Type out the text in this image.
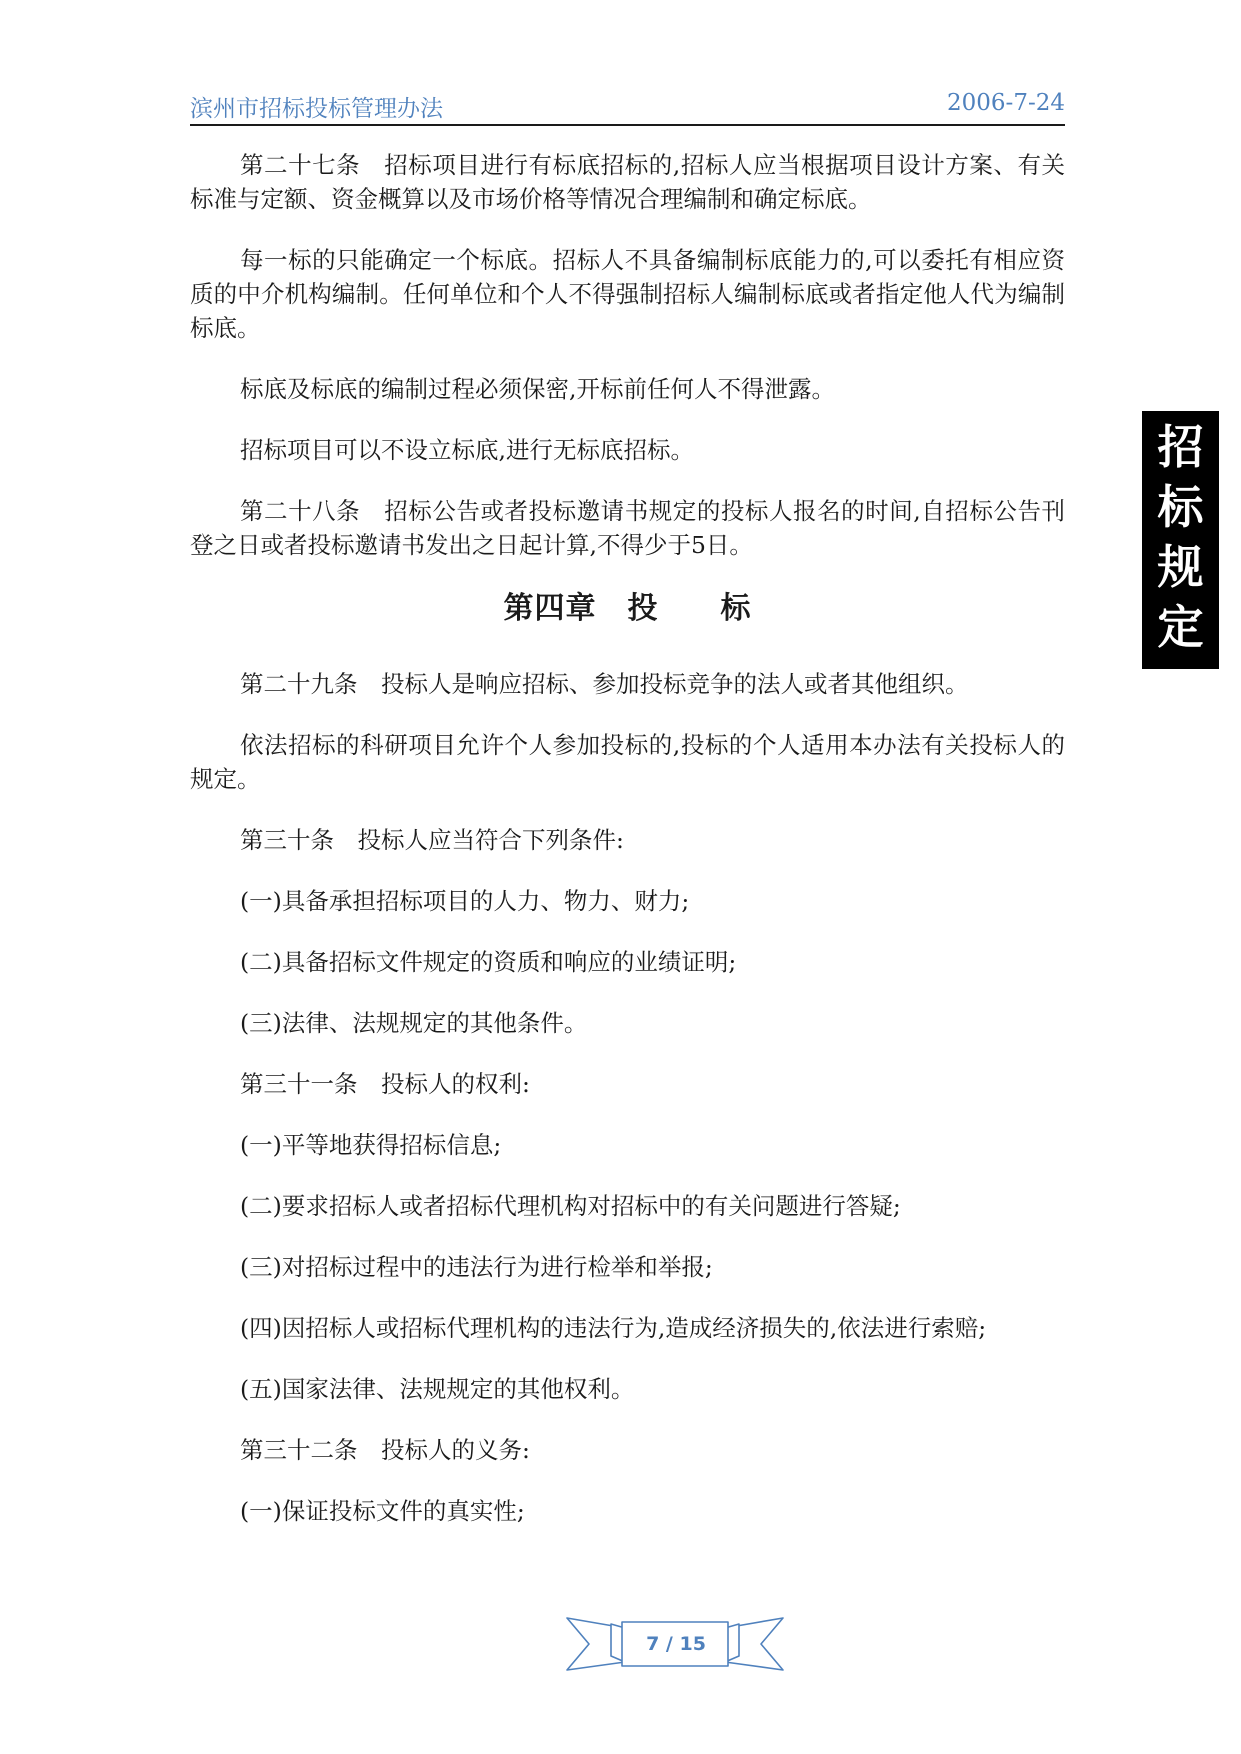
滨州市招标投标管理办法	2006-7-24

第二十七条　招标项目进行有标底招标的,招标人应当根据项目设计方案、有关标准与定额、资金概算以及市场价格等情况合理编制和确定标底。

每一标的只能确定一个标底。招标人不具备编制标底能力的,可以委托有相应资质的中介机构编制。任何单位和个人不得强制招标人编制标底或者指定他人代为编制标底。

标底及标底的编制过程必须保密,开标前任何人不得泄露。

招标项目可以不设立标底,进行无标底招标。

第二十八条　招标公告或者投标邀请书规定的投标人报名的时间,自招标公告刊登之日或者投标邀请书发出之日起计算,不得少于5日。

第四章　投　　标

第二十九条　投标人是响应招标、参加投标竞争的法人或者其他组织。

依法招标的科研项目允许个人参加投标的,投标的个人适用本办法有关投标人的规定。

第三十条　投标人应当符合下列条件:

(一)具备承担招标项目的人力、物力、财力;

(二)具备招标文件规定的资质和响应的业绩证明;

(三)法律、法规规定的其他条件。

第三十一条　投标人的权利:

(一)平等地获得招标信息;

(二)要求招标人或者招标代理机构对招标中的有关问题进行答疑;

(三)对招标过程中的违法行为进行检举和举报;

(四)因招标人或招标代理机构的违法行为,造成经济损失的,依法进行索赔;

(五)国家法律、法规规定的其他权利。

第三十二条　投标人的义务:

(一)保证投标文件的真实性;

招
标
规
定
7 / 15
